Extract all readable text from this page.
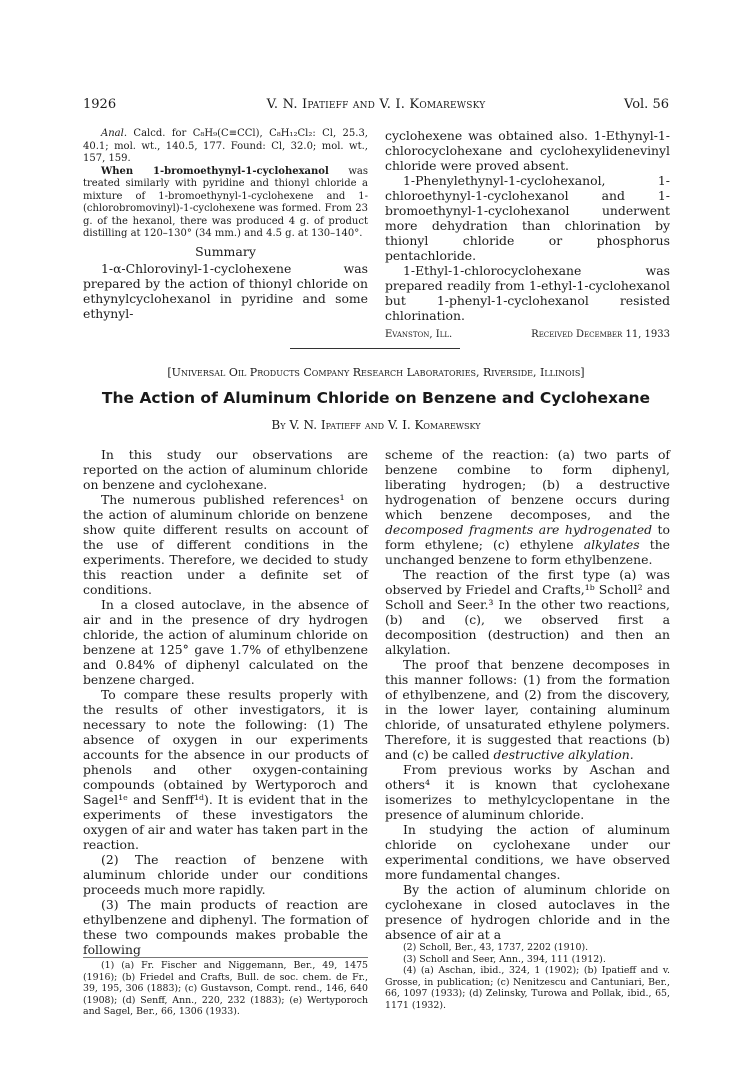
1926	V. N. Ipatieff and V. I. Komarewsky	Vol. 56

Anal. Calcd. for C₈H₉(C≡CCl), C₈H₁₂Cl₂: Cl, 25.3, 40.1; mol. wt., 140.5, 177. Found: Cl, 32.0; mol. wt., 157, 159.

When 1-bromoethynyl-1-cyclohexanol was treated similarly with pyridine and thionyl chloride a mixture of 1-bromoethynyl-1-cyclohexene and 1-(chlorobromovinyl)-1-cyclohexene was formed. From 23 g. of the hexanol, there was produced 4 g. of product distilling at 120–130° (34 mm.) and 4.5 g. at 130–140°.

Summary

1-α-Chlorovinyl-1-cyclohexene was prepared by the action of thionyl chloride on ethynylcyclohexanol in pyridine and some ethynyl-

cyclohexene was obtained also. 1-Ethynyl-1-chlorocyclohexane and cyclohexylidenevinyl chloride were proved absent.

1-Phenylethynyl-1-cyclohexanol, 1-chloroethynyl-1-cyclohexanol and 1-bromoethynyl-1-cyclohexanol underwent more dehydration than chlorination by thionyl chloride or phosphorus pentachloride.

1-Ethyl-1-chlorocyclohexane was prepared readily from 1-ethyl-1-cyclohexanol but 1-phenyl-1-cyclohexanol resisted chlorination.

Evanston, Ill.	Received December 11, 1933
[Universal Oil Products Company Research Laboratories, Riverside, Illinois]
The Action of Aluminum Chloride on Benzene and Cyclohexane
By V. N. Ipatieff and V. I. Komarewsky

In this study our observations are reported on the action of aluminum chloride on benzene and cyclohexane.

The numerous published references¹ on the action of aluminum chloride on benzene show quite different results on account of the use of different conditions in the experiments. Therefore, we decided to study this reaction under a definite set of conditions.

In a closed autoclave, in the absence of air and in the presence of dry hydrogen chloride, the action of aluminum chloride on benzene at 125° gave 1.7% of ethylbenzene and 0.84% of diphenyl calculated on the benzene charged.

To compare these results properly with the results of other investigators, it is necessary to note the following: (1) The absence of oxygen in our experiments accounts for the absence in our products of phenols and other oxygen-containing compounds (obtained by Wertyporoch and Sagel¹ᵉ and Senff¹ᵈ). It is evident that in the experiments of these investigators the oxygen of air and water has taken part in the reaction.

(2) The reaction of benzene with aluminum chloride under our conditions proceeds much more rapidly.

(3) The main products of reaction are ethylbenzene and diphenyl. The formation of these two compounds makes probable the following

(1) (a) Fr. Fischer and Niggemann, Ber., 49, 1475 (1916); (b) Friedel and Crafts, Bull. de soc. chem. de Fr., 39, 195, 306 (1883); (c) Gustavson, Compt. rend., 146, 640 (1908); (d) Senff, Ann., 220, 232 (1883); (e) Wertyporoch and Sagel, Ber., 66, 1306 (1933).

scheme of the reaction: (a) two parts of benzene combine to form diphenyl, liberating hydrogen; (b) a destructive hydrogenation of benzene occurs during which benzene decomposes, and the decomposed fragments are hydrogenated to form ethylene; (c) ethylene alkylates the unchanged benzene to form ethylbenzene.

The reaction of the first type (a) was observed by Friedel and Crafts,¹ᵇ Scholl² and Scholl and Seer.³ In the other two reactions, (b) and (c), we observed first a decomposition (destruction) and then an alkylation.

The proof that benzene decomposes in this manner follows: (1) from the formation of ethylbenzene, and (2) from the discovery, in the lower layer, containing aluminum chloride, of unsaturated ethylene polymers. Therefore, it is suggested that reactions (b) and (c) be called destructive alkylation.

From previous works by Aschan and others⁴ it is known that cyclohexane isomerizes to methylcyclopentane in the presence of aluminum chloride.

In studying the action of aluminum chloride on cyclohexane under our experimental conditions, we have observed more fundamental changes.

By the action of aluminum chloride on cyclohexane in closed autoclaves in the presence of hydrogen chloride and in the absence of air at a

(2) Scholl, Ber., 43, 1737, 2202 (1910).

(3) Scholl and Seer, Ann., 394, 111 (1912).

(4) (a) Aschan, ibid., 324, 1 (1902); (b) Ipatieff and v. Grosse, in publication; (c) Nenitzescu and Cantuniari, Ber., 66, 1097 (1933); (d) Zelinsky, Turowa and Pollak, ibid., 65, 1171 (1932).
